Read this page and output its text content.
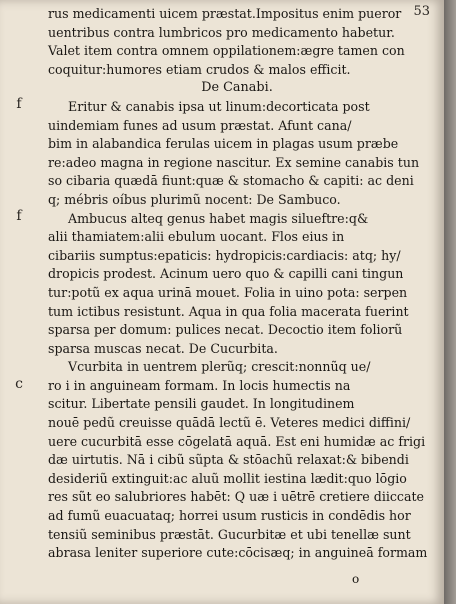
53
f
f
c
rus medicamenti uicem præstat.Impositus enim pueror
uentribus contra lumbricos pro medicamento habetur.
Valet item contra omnem oppilationem:ægre tamen con
coquitur:humores etiam crudos & malos efficit.
De Canabi.
Eritur & canabis ipsa ut linum:decorticata post
uindemiam funes ad usum præstat. Afunt cana/
bim in alabandica ferulas uicem in plagas usum præbe
re:adeo magna in regione nascitur. Ex semine canabis tun
so cibaria quædā fiunt:quæ & stomacho & capiti: ac deni
q; mébris oíbus plurimũ nocent: De Sambuco.
Ambucus alteq genus habet magis silueftre:q&
alii thamiatem:alii ebulum uocant. Flos eius in
cibariis sumptus:epaticis: hydropicis:cardiacis: atq; hy/
dropicis prodest. Acinum uero quo & capilli cani tingun
tur:potũ ex aqua urinā mouet. Folia in uino pota: serpen
tum ictibus resistunt. Aqua in qua folia macerata fuerint
sparsa per domum: pulices necat. Decoctio item foliorũ
sparsa muscas necat. De Cucurbita.
Vcurbita in uentrem plerũq; crescit:nonnũq ue/
ro i in anguineam formam. In locis humectis na
scitur. Libertate pensili gaudet. In longitudinem
nouē pedũ creuisse quādā lectũ ē. Veteres medici diffini/
uere cucurbitā esse cōgelatā aquā. Est eni humidæ ac frigi
dæ uirtutis. Nā i cibũ sũpta & stōachũ relaxat:& bibendi
desideriũ extinguit:ac aluũ mollit iestina lædit:quo lōgio
res sũt eo salubriores habēt: Q uæ i uētrē cretiere diiccate
ad fumũ euacuataq; horrei usum rusticis in condēdis hor
tensiũ seminibus præstāt. Gucurbitæ et ubi tenellæ sunt
abrasa leniter superiore cute:cōcisæq; in anguineā formam
o
